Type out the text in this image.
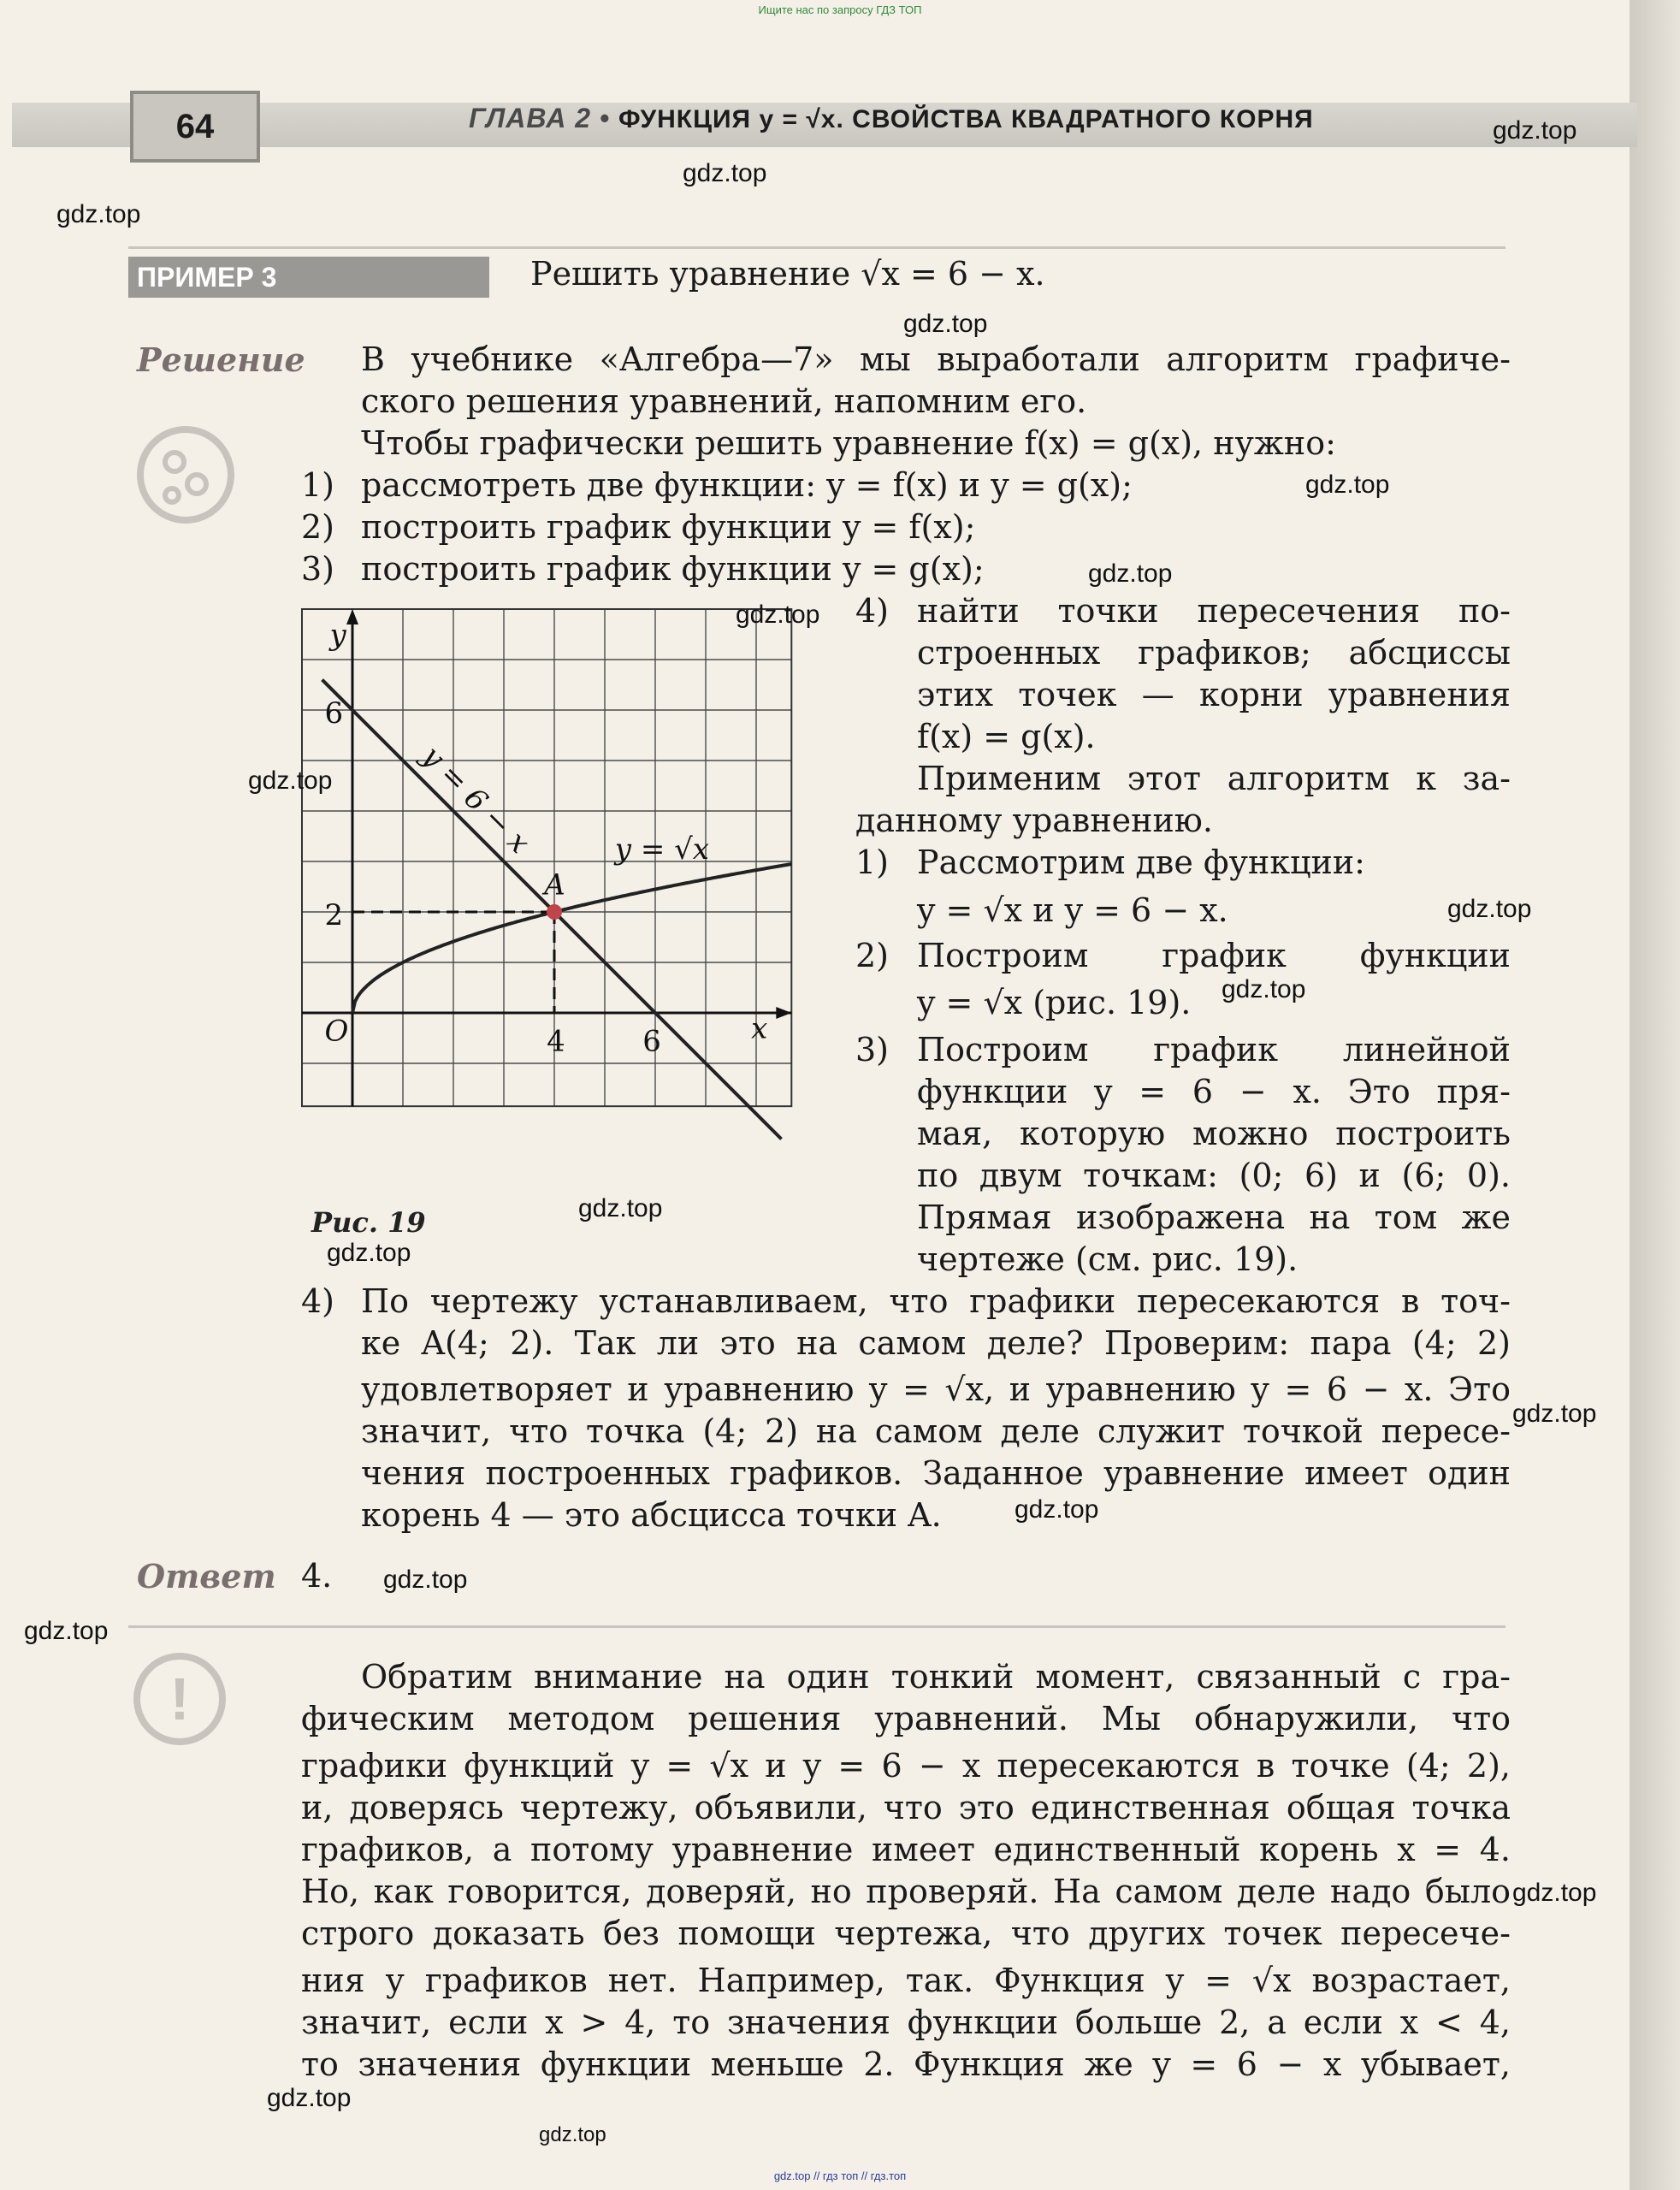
Ищите нас по запросу ГДЗ ТОП
64	ГЛАВА 2 • ФУНКЦИЯ y = √x. СВОЙСТВА КВАДРАТНОГО КОРНЯ
ПРИМЕР 3	Решить уравнение √x = 6 − x.
Решение В учебнике «Алгебра—7» мы выработали алгоритм графиче-
ского решения уравнений, напомним его.
Чтобы графически решить уравнение f(x) = g(x), нужно:
1) рассмотреть две функции: y = f(x) и y = g(x);
2) построить график функции y = f(x);
3) построить график функции y = g(x);
4) найти точки пересечения по-
строенных графиков; абсциссы
этих точек — корни уравнения
f(x) = g(x).
Применим этот алгоритм к за-
данному уравнению.
1) Рассмотрим две функции:
y = √x и y = 6 − x.
2) Построим график функции
y = √x (рис. 19).
3) Построим график линейной
функции y = 6 − x. Это пря-
мая, которую можно построить
по двум точкам: (0; 6) и (6; 0).
Прямая изображена на том же
чертеже (см. рис. 19).
y
x
O
6
2
4	6
A
y = √x
y = 6 − x
Рис. 19
4) По чертежу устанавливаем, что графики пересекаются в точ-
ке A(4; 2). Так ли это на самом деле? Проверим: пара (4; 2)
удовлетворяет и уравнению y = √x, и уравнению y = 6 − x. Это
значит, что точка (4; 2) на самом деле служит точкой пересе-
чения построенных графиков. Заданное уравнение имеет один
корень 4 — это абсцисса точки A.
Ответ 4.
!	Обратим внимание на один тонкий момент, связанный с гра-
фическим методом решения уравнений. Мы обнаружили, что
графики функций y = √x и y = 6 − x пересекаются в точке (4; 2),
и, доверясь чертежу, объявили, что это единственная общая точка
графиков, а потому уравнение имеет единственный корень x = 4.
Но, как говорится, доверяй, но проверяй. На самом деле надо было
строго доказать без помощи чертежа, что других точек пересече-
ния у графиков нет. Например, так. Функция y = √x возрастает,
значит, если x > 4, то значения функции больше 2, а если x < 4,
то значения функции меньше 2. Функция же y = 6 − x убывает,
gdz.top
gdz.top
gdz.top
gdz.top
gdz.top
gdz.top
gdz.top
gdz.top
gdz.top
gdz.top
gdz.top
gdz.top
gdz.top
gdz.top
gdz.top
gdz.top
gdz.top
gdz.top
gdz.top
gdz.top // гдз топ // гдз.топ
